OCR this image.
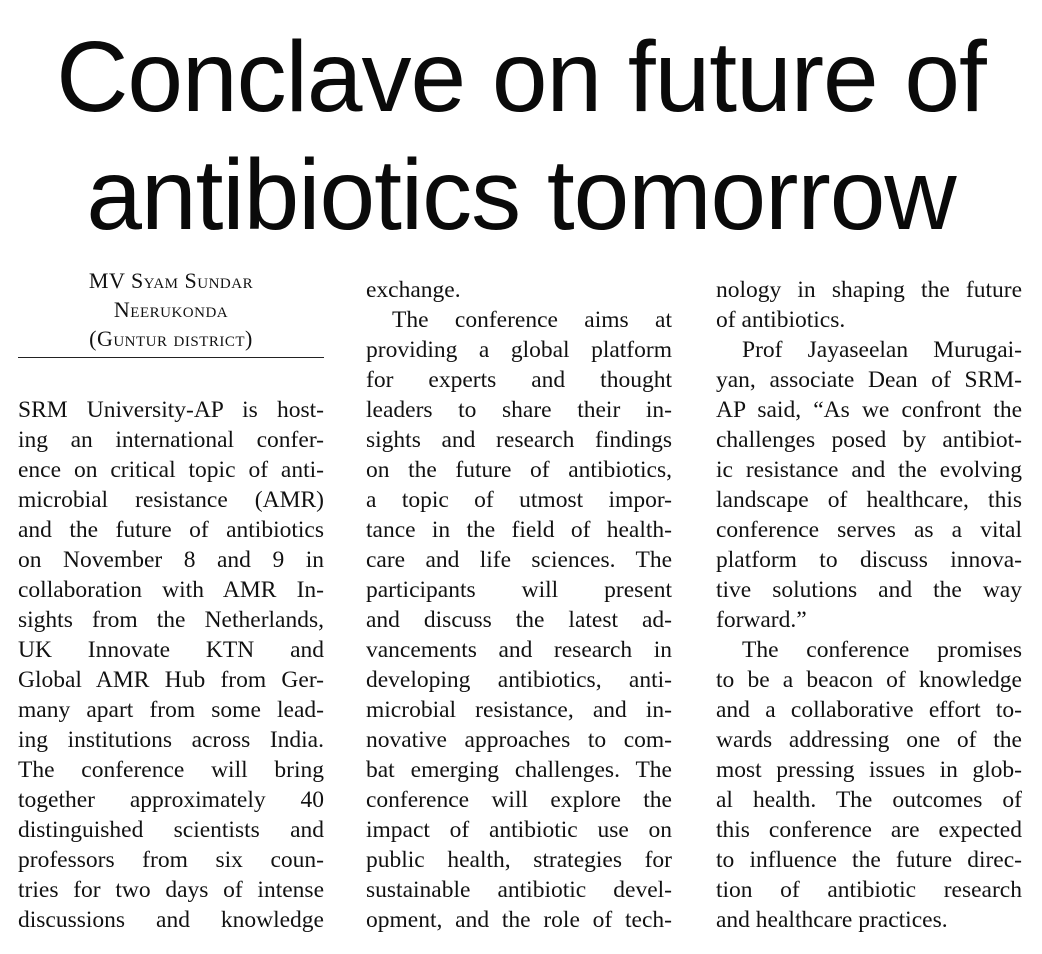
Conclave on future of
antibiotics tomorrow
MV Syam Sundar
Neerukonda
(Guntur district)
SRM University-AP is host-
ing an international confer-
ence on critical topic of anti-
microbial resistance (AMR)
and the future of antibiotics
on November 8 and 9 in
collaboration with AMR In-
sights from the Netherlands,
UK Innovate KTN and
Global AMR Hub from Ger-
many apart from some lead-
ing institutions across India.
The conference will bring
together approximately 40
distinguished scientists and
professors from six coun-
tries for two days of intense
discussions and knowledge
exchange.
The conference aims at
providing a global platform
for experts and thought
leaders to share their in-
sights and research findings
on the future of antibiotics,
a topic of utmost impor-
tance in the field of health-
care and life sciences. The
participants will present
and discuss the latest ad-
vancements and research in
developing antibiotics, anti-
microbial resistance, and in-
novative approaches to com-
bat emerging challenges. The
conference will explore the
impact of antibiotic use on
public health, strategies for
sustainable antibiotic devel-
opment, and the role of tech-
nology in shaping the future
of antibiotics.
Prof Jayaseelan Murugai-
yan, associate Dean of SRM-
AP said, “As we confront the
challenges posed by antibiot-
ic resistance and the evolving
landscape of healthcare, this
conference serves as a vital
platform to discuss innova-
tive solutions and the way
forward.”
The conference promises
to be a beacon of knowledge
and a collaborative effort to-
wards addressing one of the
most pressing issues in glob-
al health. The outcomes of
this conference are expected
to influence the future direc-
tion of antibiotic research
and healthcare practices.
